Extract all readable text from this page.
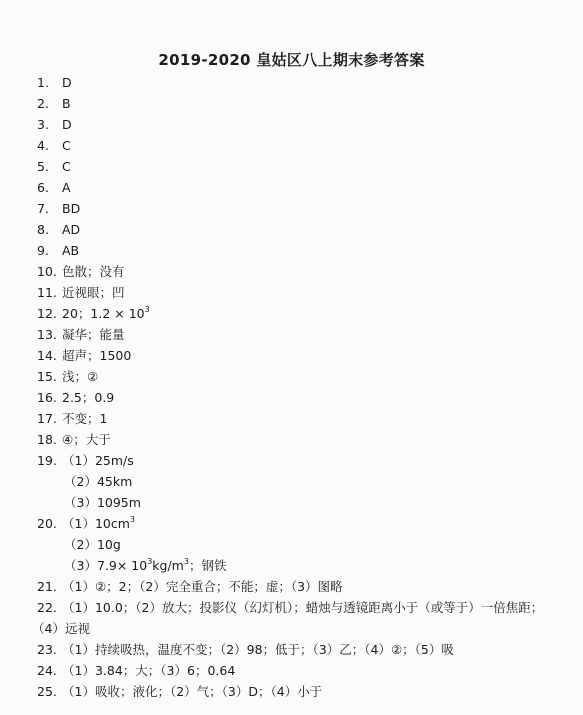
2019-2020 皇姑区八上期末参考答案
1. D
2. B
3. D
4. C
5. C
6. A
7. BD
8. AD
9. AB
10. 色散；没有
11. 近视眼；凹
12. 20；$1.2 \times 10^3$
13. 凝华；能量
14. 超声；1500
15. 浅；②
16. 2.5；0.9
17. 不变；1
18. ④；大于
19. （1）25m/s
（2）45km
（3）1095m
20. $(1)10cm^3$
（2）10g
$(3)7.9\times 10^3kg/m^3$；钢铁
21. （1）②；2；（2）完全重合；不能；虚；（3）图略
22. （1）10.0；（2）放大；投影仪（幻灯机）；蜡烛与透镜距离小于（或等于）一倍焦距；
（4）远视
23. （1）持续吸热，温度不变；（2）98；低于；（3）乙；（4）②；（5）吸
24. （1）3.84；大；（3）6；0.64
25. （1）吸收；液化；（2）气；（3）D；（4）小于
